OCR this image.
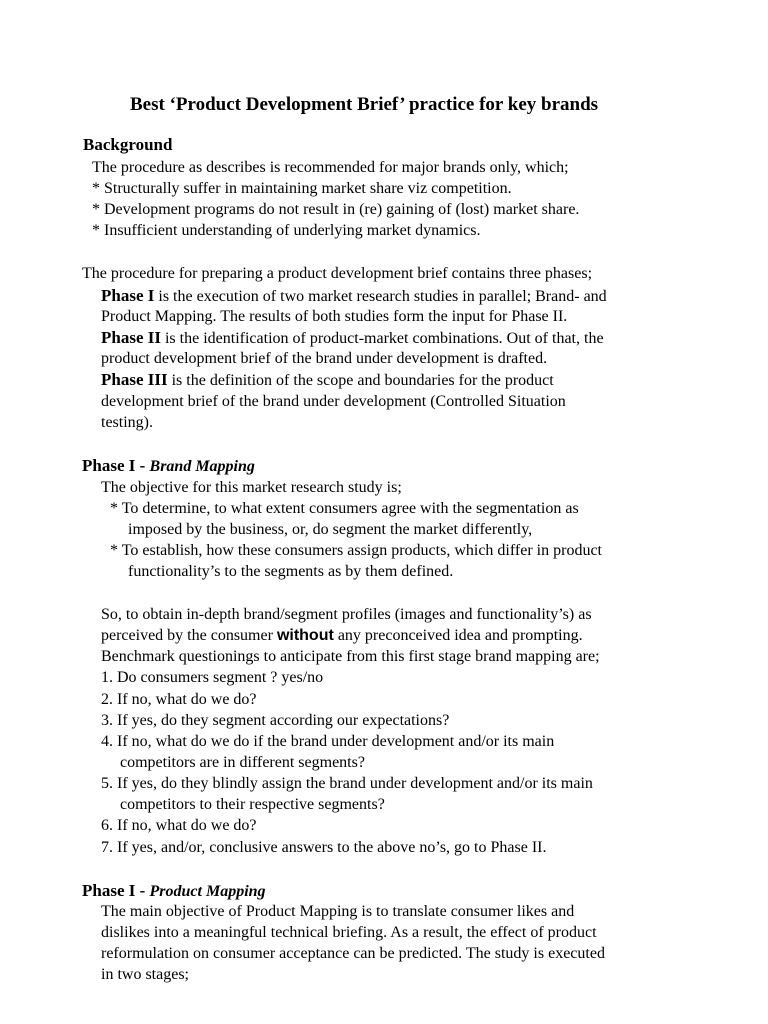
Best ‘Product Development Brief’ practice for key brands
Background
The procedure as describes is recommended for major brands only, which;
* Structurally suffer in maintaining market share viz competition.
* Development programs do not result in (re) gaining of (lost) market share.
* Insufficient understanding of underlying market dynamics.
The procedure for preparing a product development brief contains three phases;
Phase I is the execution of two market research studies in parallel; Brand- and
Product Mapping. The results of both studies form the input for Phase II.
Phase II is the identification of product-market combinations. Out of that, the
product development brief of the brand under development is drafted.
Phase III is the definition of the scope and boundaries for the product
development brief of the brand under development (Controlled Situation
testing).
Phase I - Brand Mapping
The objective for this market research study is;
* To determine, to what extent consumers agree with the segmentation as
imposed by the business, or, do segment the market differently,
* To establish, how these consumers assign products, which differ in product
functionality’s to the segments as by them defined.
So, to obtain in-depth brand/segment profiles (images and functionality’s) as
perceived by the consumer without any preconceived idea and prompting.
Benchmark questionings to anticipate from this first stage brand mapping are;
1. Do consumers segment ? yes/no
2. If no, what do we do?
3. If yes, do they segment according our expectations?
4. If no, what do we do if the brand under development and/or its main
competitors are in different segments?
5. If yes, do they blindly assign the brand under development and/or its main
competitors to their respective segments?
6. If no, what do we do?
7. If yes, and/or, conclusive answers to the above no’s, go to Phase II.
Phase I - Product Mapping
The main objective of Product Mapping is to translate consumer likes and
dislikes into a meaningful technical briefing. As a result, the effect of product
reformulation on consumer acceptance can be predicted. The study is executed
in two stages;
